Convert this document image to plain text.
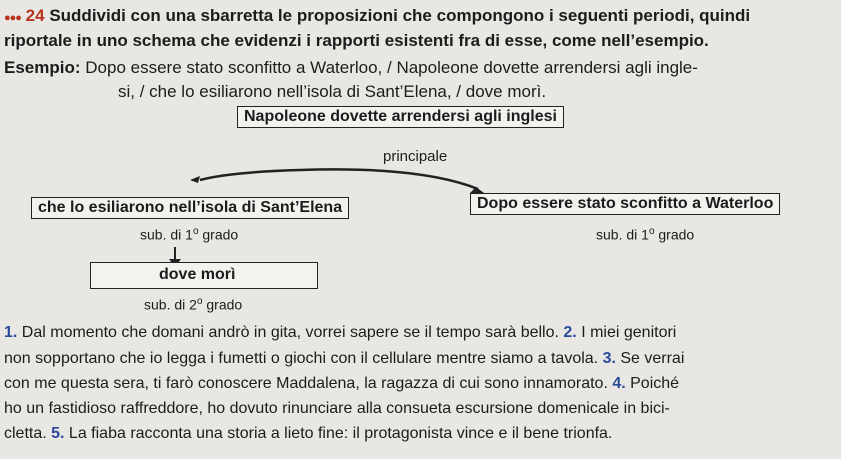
●●● 24 Suddividi con una sbarretta le proposizioni che compongono i seguenti periodi, quindi
riportale in uno schema che evidenzi i rapporti esistenti fra di esse, come nell’esempio.
Esempio: Dopo essere stato sconfitto a Waterloo, / Napoleone dovette arrendersi agli ingle-
si, / che lo esiliarono nell’isola di Sant’Elena, / dove morì.
Napoleone dovette arrendersi agli inglesi
principale
che lo esiliarono nell’isola di Sant’Elena	Dopo essere stato sconfitto a Waterloo
sub. di 1$^o$ grado	sub. di 1$^o$ grado
dove morì
sub. di 2$^o$ grado
1. Dal momento che domani andrò in gita, vorrei sapere se il tempo sarà bello. 2. I miei genitori
non sopportano che io legga i fumetti o giochi con il cellulare mentre siamo a tavola. 3. Se verrai
con me questa sera, ti farò conoscere Maddalena, la ragazza di cui sono innamorato. 4. Poiché
ho un fastidioso raffreddore, ho dovuto rinunciare alla consueta escursione domenicale in bici-
cletta. 5. La fiaba racconta una storia a lieto fine: il protagonista vince e il bene trionfa.
